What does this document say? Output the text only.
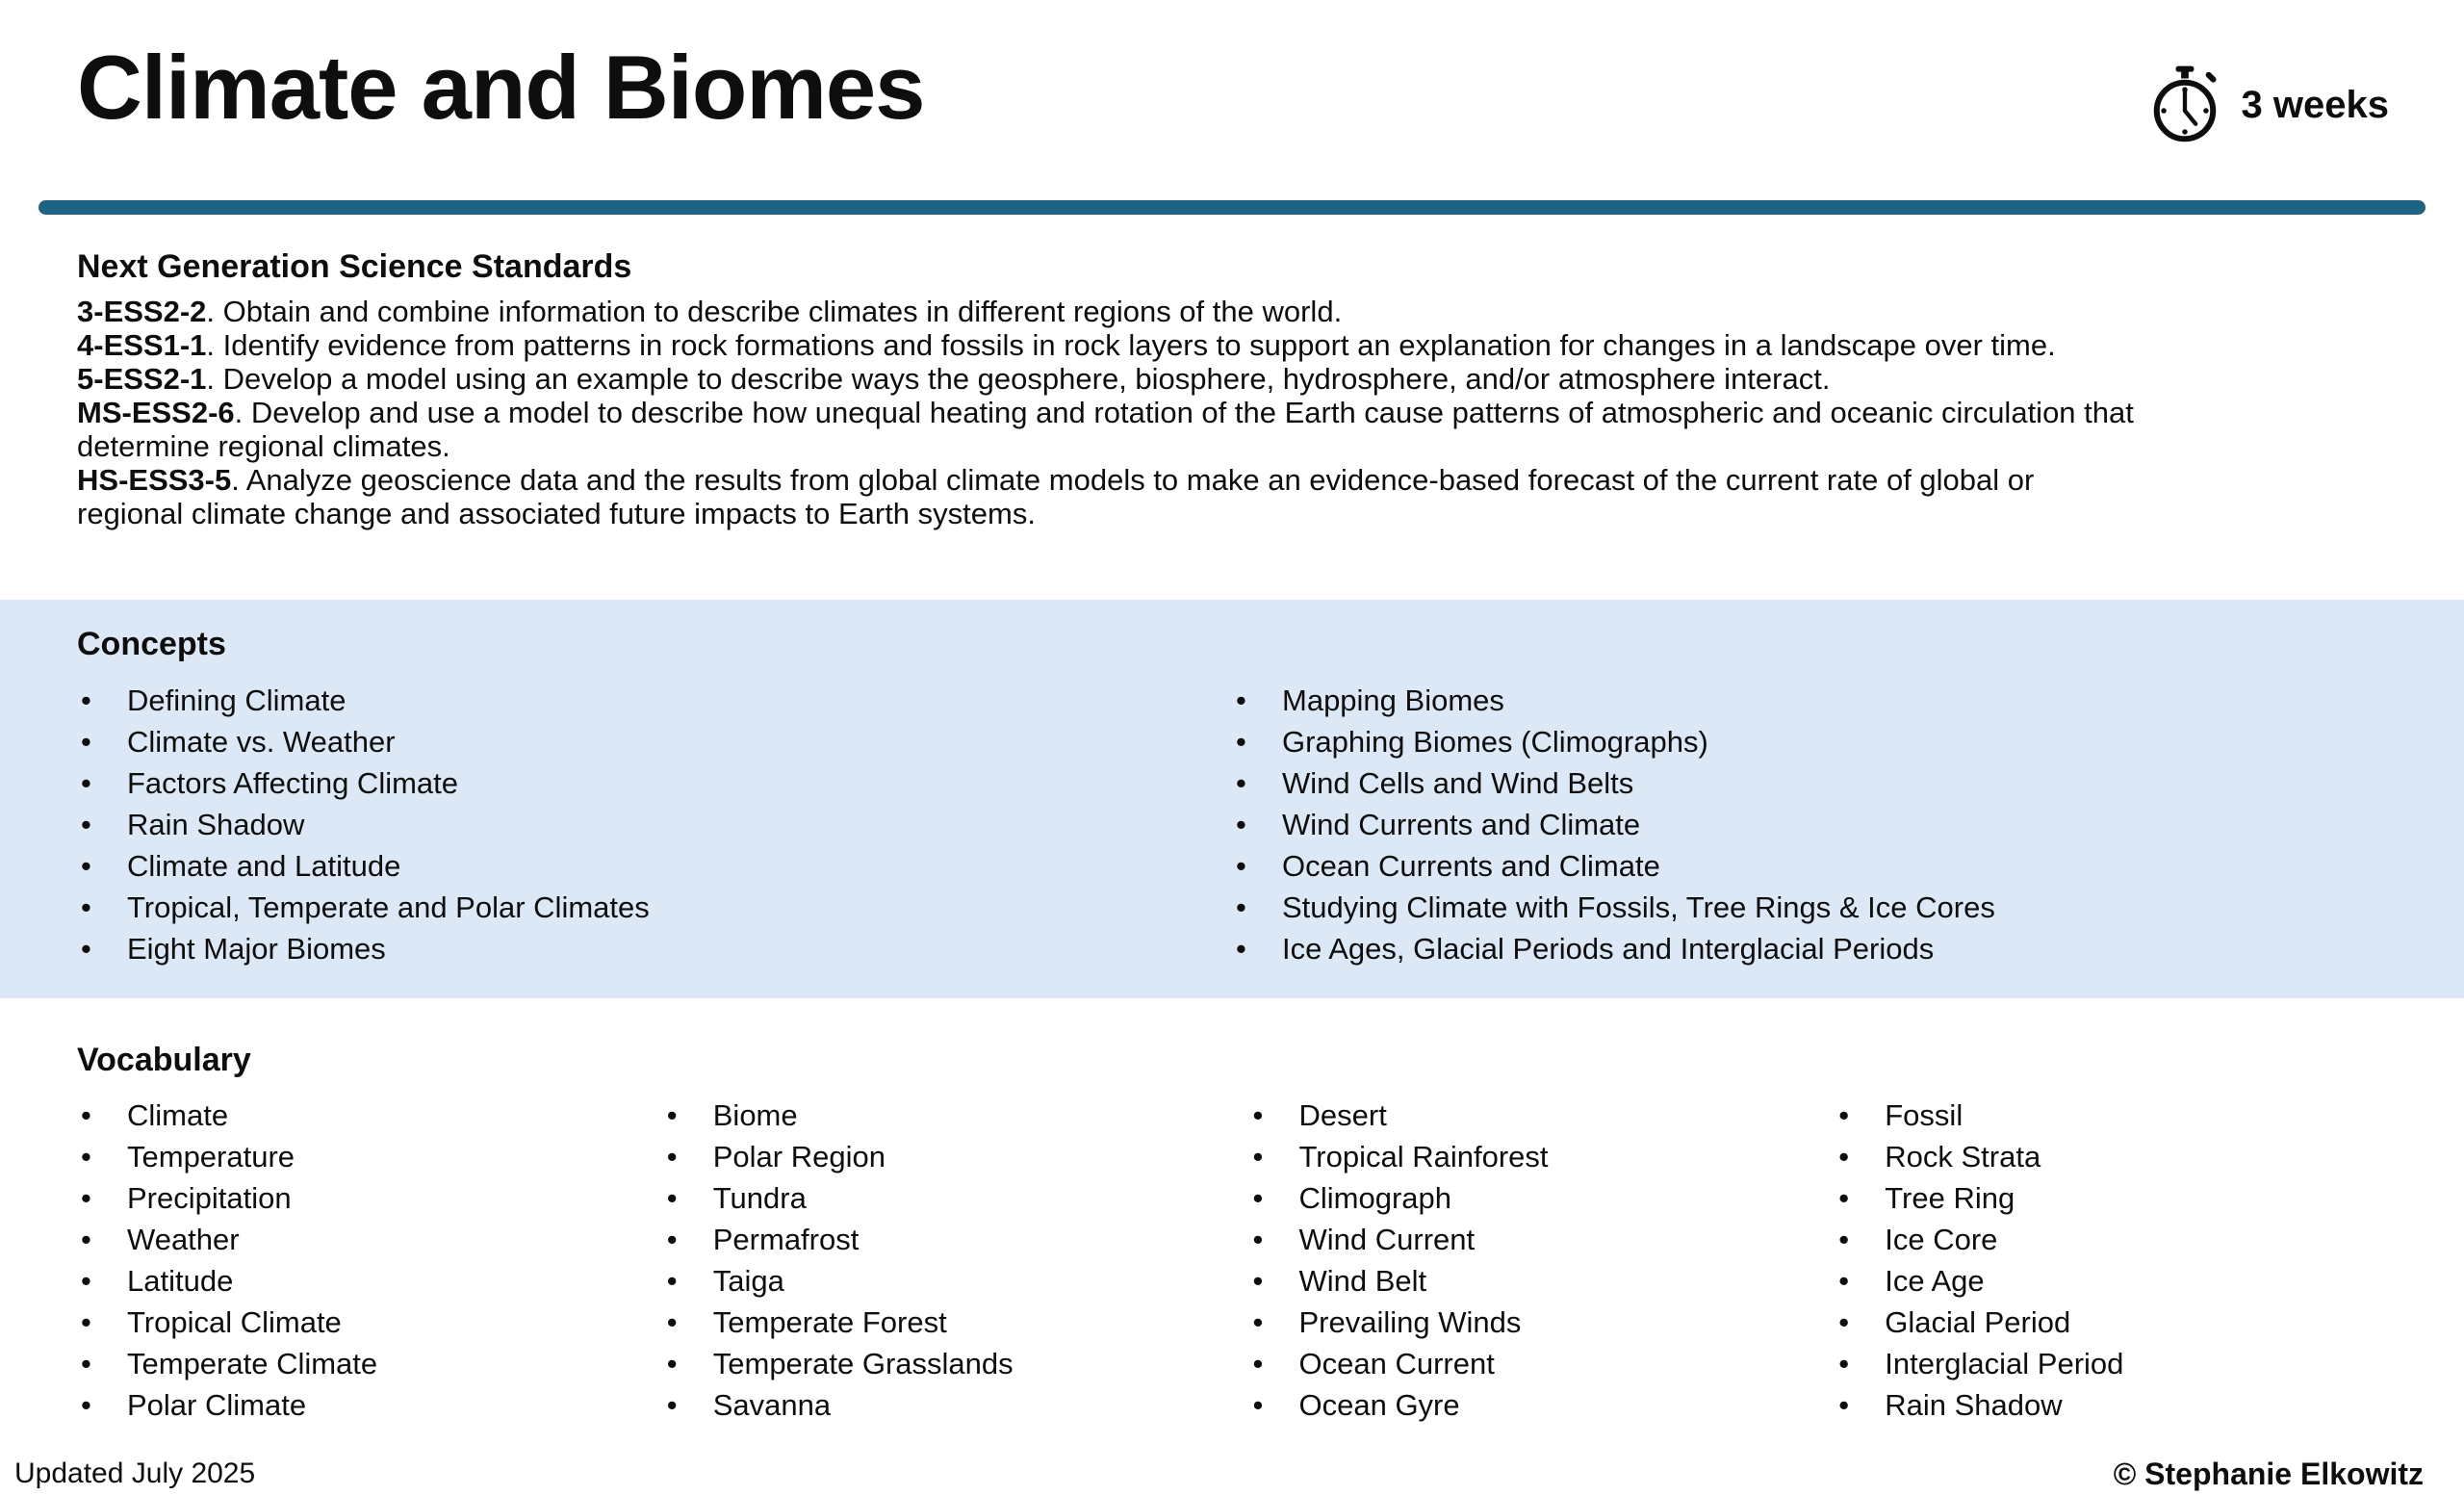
Climate and Biomes	3 weeks
Next Generation Science Standards

3-ESS2-2. Obtain and combine information to describe climates in different regions of the world.

4-ESS1-1. Identify evidence from patterns in rock formations and fossils in rock layers to support an explanation for changes in a landscape over time.

5-ESS2-1. Develop a model using an example to describe ways the geosphere, biosphere, hydrosphere, and/or atmosphere interact.

MS-ESS2-6. Develop and use a model to describe how unequal heating and rotation of the Earth cause patterns of atmospheric and oceanic circulation that determine regional climates.

HS-ESS3-5. Analyze geoscience data and the results from global climate models to make an evidence-based forecast of the current rate of global or regional climate change and associated future impacts to Earth systems.

Concepts
• Defining Climate
• Climate vs. Weather
• Factors Affecting Climate
• Rain Shadow
• Climate and Latitude
• Tropical, Temperate and Polar Climates
• Eight Major Biomes
• Mapping Biomes
• Graphing Biomes (Climographs)
• Wind Cells and Wind Belts
• Wind Currents and Climate
• Ocean Currents and Climate
• Studying Climate with Fossils, Tree Rings & Ice Cores
• Ice Ages, Glacial Periods and Interglacial Periods
Vocabulary
• Climate
• Temperature
• Precipitation
• Weather
• Latitude
• Tropical Climate
• Temperate Climate
• Polar Climate
• Biome
• Polar Region
• Tundra
• Permafrost
• Taiga
• Temperate Forest
• Temperate Grasslands
• Savanna
• Desert
• Tropical Rainforest
• Climograph
• Wind Current
• Wind Belt
• Prevailing Winds
• Ocean Current
• Ocean Gyre
• Fossil
• Rock Strata
• Tree Ring
• Ice Core
• Ice Age
• Glacial Period
• Interglacial Period
• Rain Shadow
Updated July 2025	© Stephanie Elkowitz
